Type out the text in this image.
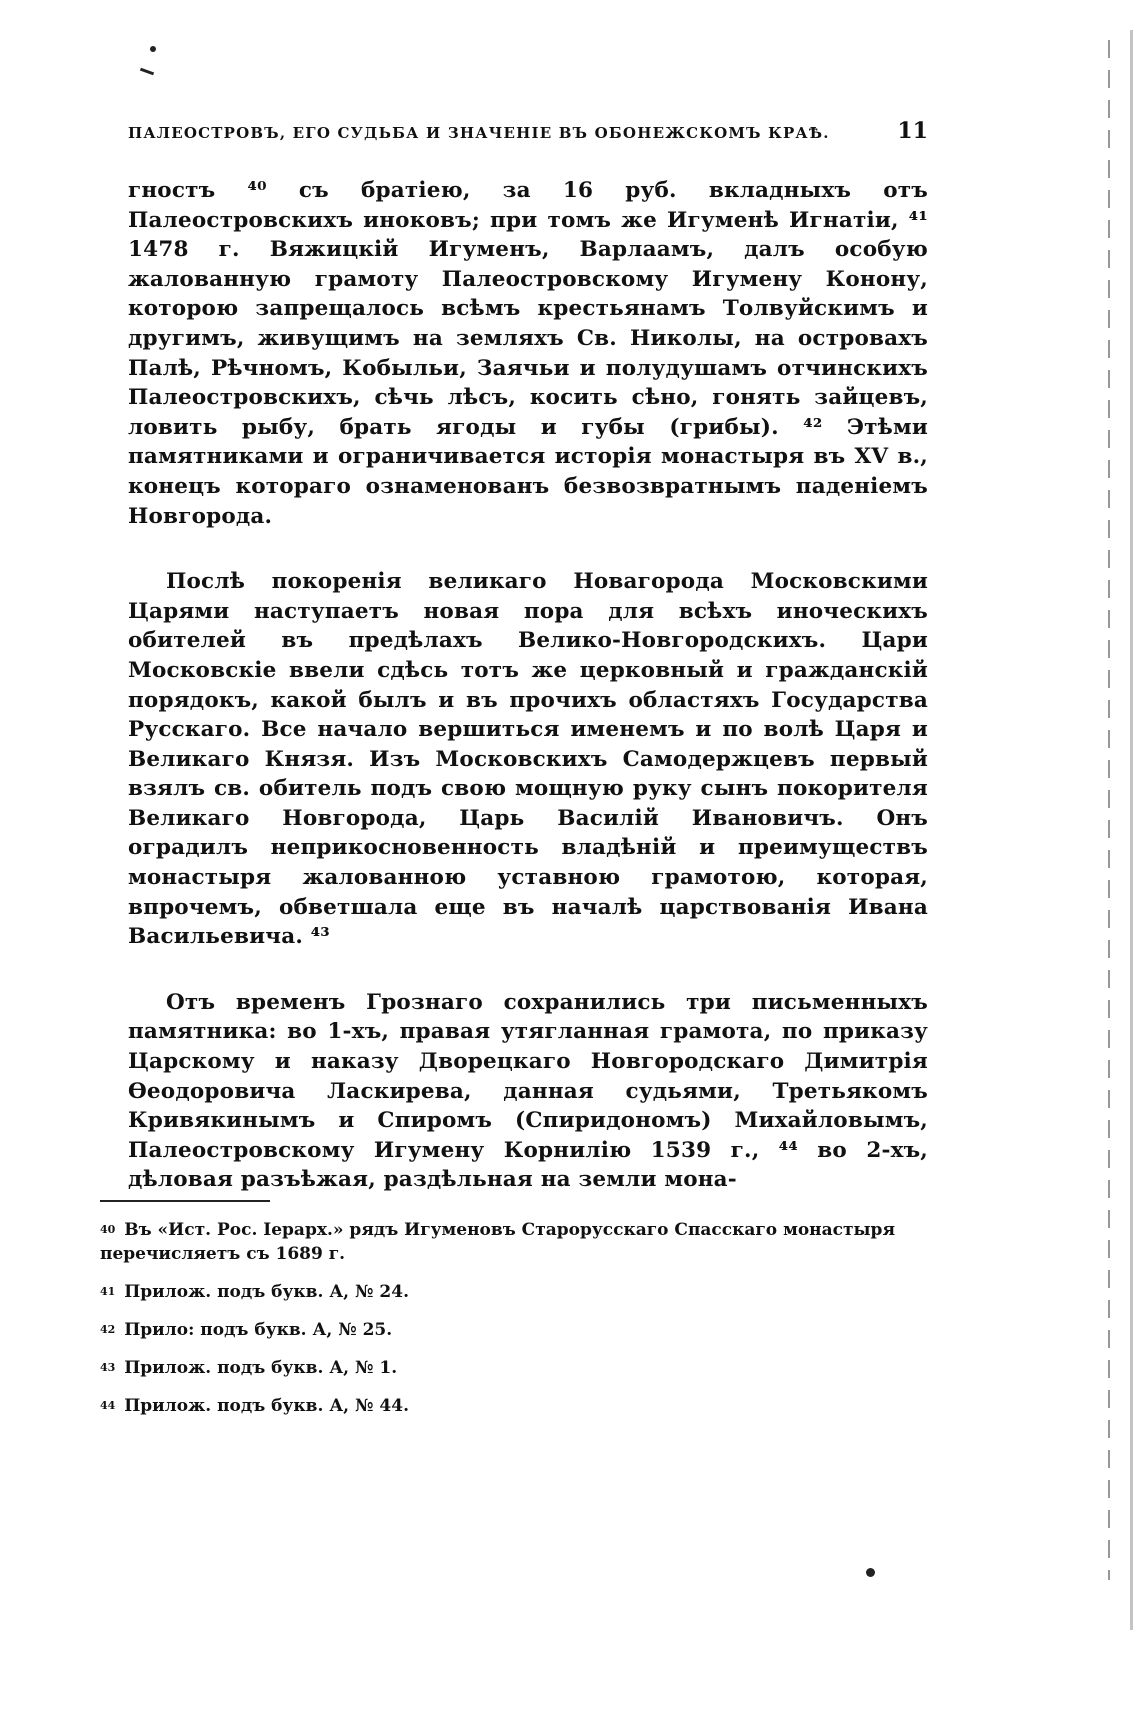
ПАЛЕОСТРОВЪ, ЕГО СУДЬБА И ЗНАЧЕНІЕ ВЪ ОБОНЕЖСКОМЪ КРАѢ.	11

гностъ ⁴⁰ съ братіею, за 16 руб. вкладныхъ отъ Палеостровскихъ иноковъ; при томъ же Игуменѣ Игнатіи, ⁴¹ 1478 г. Вяжицкій Игуменъ, Варлаамъ, далъ особую жалованную грамоту Палеостровскому Игумену Конону, которою запрещалось всѣмъ крестьянамъ Толвуйскимъ и другимъ, живущимъ на земляхъ Св. Николы, на островахъ Палѣ, Рѣчномъ, Кобыльи, Заячьи и полудушамъ отчинскихъ Палеостровскихъ, сѣчь лѣсъ, косить сѣно, гонять зайцевъ, ловить рыбу, брать ягоды и губы (грибы). ⁴² Этѣми памятниками и ограничивается исторія монастыря въ XV в., конецъ котораго ознаменованъ безвозвратнымъ паденіемъ Новгорода.

Послѣ покоренія великаго Новагорода Московскими Царями наступаетъ новая пора для всѣхъ иноческихъ обителей въ предѣлахъ Велико-Новгородскихъ. Цари Московскіе ввели сдѣсь тотъ же церковный и гражданскій порядокъ, какой былъ и въ прочихъ областяхъ Государства Русскаго. Все начало вершиться именемъ и по волѣ Царя и Великаго Князя. Изъ Московскихъ Самодержцевъ первый взялъ св. обитель подъ свою мощную руку сынъ покорителя Великаго Новгорода, Царь Василій Ивановичъ. Онъ оградилъ неприкосновенность владѣній и преимуществъ монастыря жалованною уставною грамотою, которая, впрочемъ, обветшала еще въ началѣ царствованія Ивана Васильевича. ⁴³

Отъ временъ Грознаго сохранились три письменныхъ памятника: во 1-хъ, правая утягланная грамота, по приказу Царскому и наказу Дворецкаго Новгородскаго Димитрія Ѳеодоровича Ласкирева, данная судьями, Третьякомъ Кривякинымъ и Спиромъ (Спиридономъ) Михайловымъ, Палеостровскому Игумену Корнилію 1539 г., ⁴⁴ во 2-хъ, дѣловая разъѣжая, раздѣльная на земли мона-

$^{40}$ Въ «Ист. Рос. Іерарх.» рядъ Игуменовъ Старорусскаго Спасскаго монастыря перечисляетъ съ 1689 г.
$^{41}$ Прилож. подъ букв. А, № 24.
$^{42}$ Прило: подъ букв. А, № 25.
$^{43}$ Прилож. подъ букв. А, № 1.
$^{44}$ Прилож. подъ букв. А, № 44.
